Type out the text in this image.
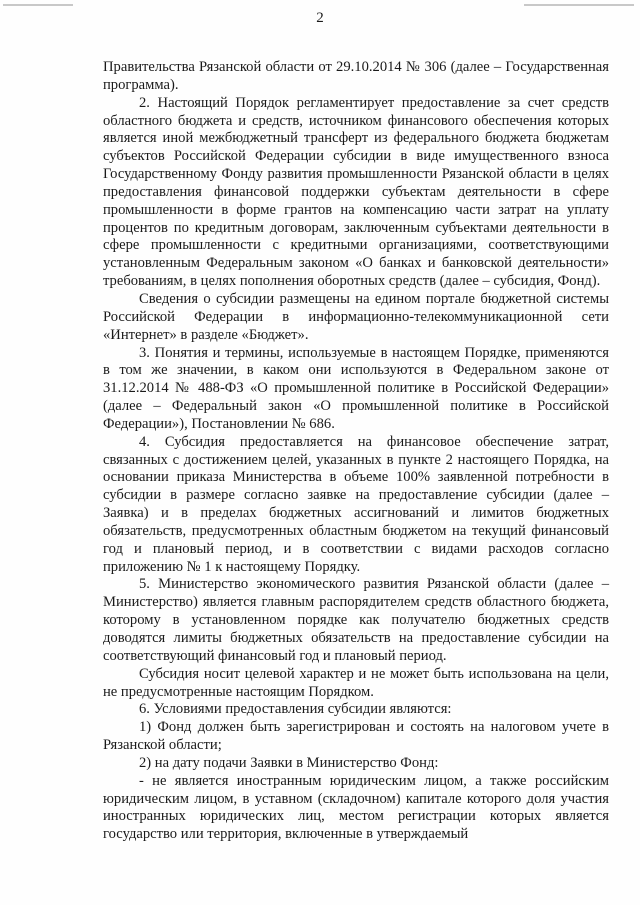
2

Правительства Рязанской области от 29.10.2014 № 306 (далее – Государственная программа).

2. Настоящий Порядок регламентирует предоставление за счет средств областного бюджета и средств, источником финансового обеспечения которых является иной межбюджетный трансферт из федерального бюджета бюджетам субъектов Российской Федерации субсидии в виде имущественного взноса Государственному Фонду развития промышленности Рязанской области в целях предоставления финансовой поддержки субъектам деятельности в сфере промышленности в форме грантов на компенсацию части затрат на уплату процентов по кредитным договорам, заключенным субъектами деятельности в сфере промышленности с кредитными организациями, соответствующими установленным Федеральным законом «О банках и банковской деятельности» требованиям, в целях пополнения оборотных средств (далее – субсидия, Фонд).

Сведения о субсидии размещены на едином портале бюджетной системы Российской Федерации в информационно-телекоммуникационной сети «Интернет» в разделе «Бюджет».

3. Понятия и термины, используемые в настоящем Порядке, применяются в том же значении, в каком они используются в Федеральном законе от 31.12.2014 № 488-ФЗ «О промышленной политике в Российской Федерации» (далее – Федеральный закон «О промышленной политике в Российской Федерации»), Постановлении № 686.

4. Субсидия предоставляется на финансовое обеспечение затрат, связанных с достижением целей, указанных в пункте 2 настоящего Порядка, на основании приказа Министерства в объеме 100% заявленной потребности в субсидии в размере согласно заявке на предоставление субсидии (далее – Заявка) и в пределах бюджетных ассигнований и лимитов бюджетных обязательств, предусмотренных областным бюджетом на текущий финансовый год и плановый период, и в соответствии с видами расходов согласно приложению № 1 к настоящему Порядку.

5. Министерство экономического развития Рязанской области (далее – Министерство) является главным распорядителем средств областного бюджета, которому в установленном порядке как получателю бюджетных средств доводятся лимиты бюджетных обязательств на предоставление субсидии на соответствующий финансовый год и плановый период.

Субсидия носит целевой характер и не может быть использована на цели, не предусмотренные настоящим Порядком.

6. Условиями предоставления субсидии являются:

1) Фонд должен быть зарегистрирован и состоять на налоговом учете в Рязанской области;

2) на дату подачи Заявки в Министерство Фонд:

- не является иностранным юридическим лицом, а также российским юридическим лицом, в уставном (складочном) капитале которого доля участия иностранных юридических лиц, местом регистрации которых является государство или территория, включенные в утверждаемый
